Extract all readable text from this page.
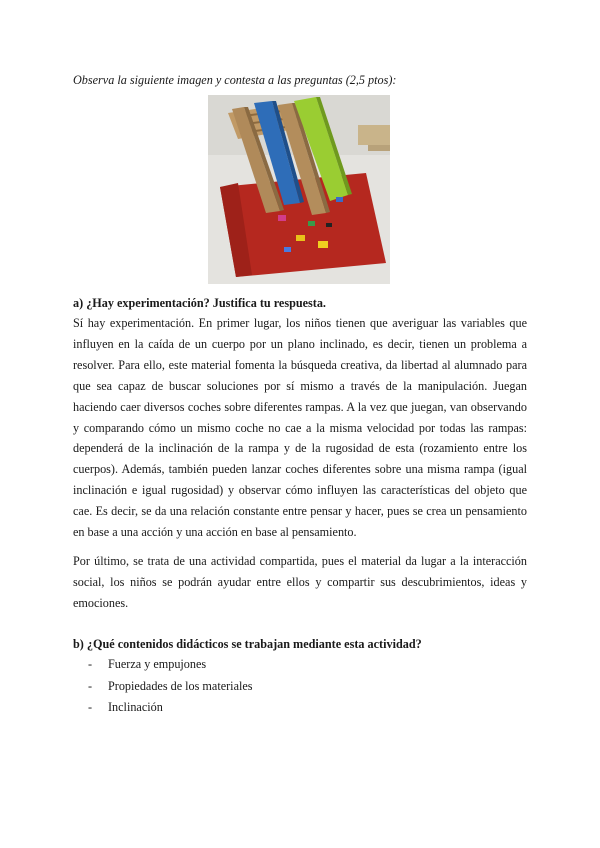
Observa la siguiente imagen y contesta a las preguntas (2,5 ptos):
a) ¿Hay experimentación? Justifica tu respuesta.

Sí hay experimentación. En primer lugar, los niños tienen que averiguar las variables que influyen en la caída de un cuerpo por un plano inclinado, es decir, tienen un problema a resolver. Para ello, este material fomenta la búsqueda creativa, da libertad al alumnado para que sea capaz de buscar soluciones por sí mismo a través de la manipulación. Juegan haciendo caer diversos coches sobre diferentes rampas. A la vez que juegan, van observando y comparando cómo un mismo coche no cae a la misma velocidad por todas las rampas: dependerá de la inclinación de la rampa y de la rugosidad de esta (rozamiento entre los cuerpos). Además, también pueden lanzar coches diferentes sobre una misma rampa (igual inclinación e igual rugosidad) y observar cómo influyen las características del objeto que cae. Es decir, se da una relación constante entre pensar y hacer, pues se crea un pensamiento en base a una acción y una acción en base al pensamiento.

Por último, se trata de una actividad compartida, pues el material da lugar a la interacción social, los niños se podrán ayudar entre ellos y compartir sus descubrimientos, ideas y emociones.

b) ¿Qué contenidos didácticos se trabajan mediante esta actividad?
- Fuerza y empujones
- Propiedades de los materiales
- Inclinación
